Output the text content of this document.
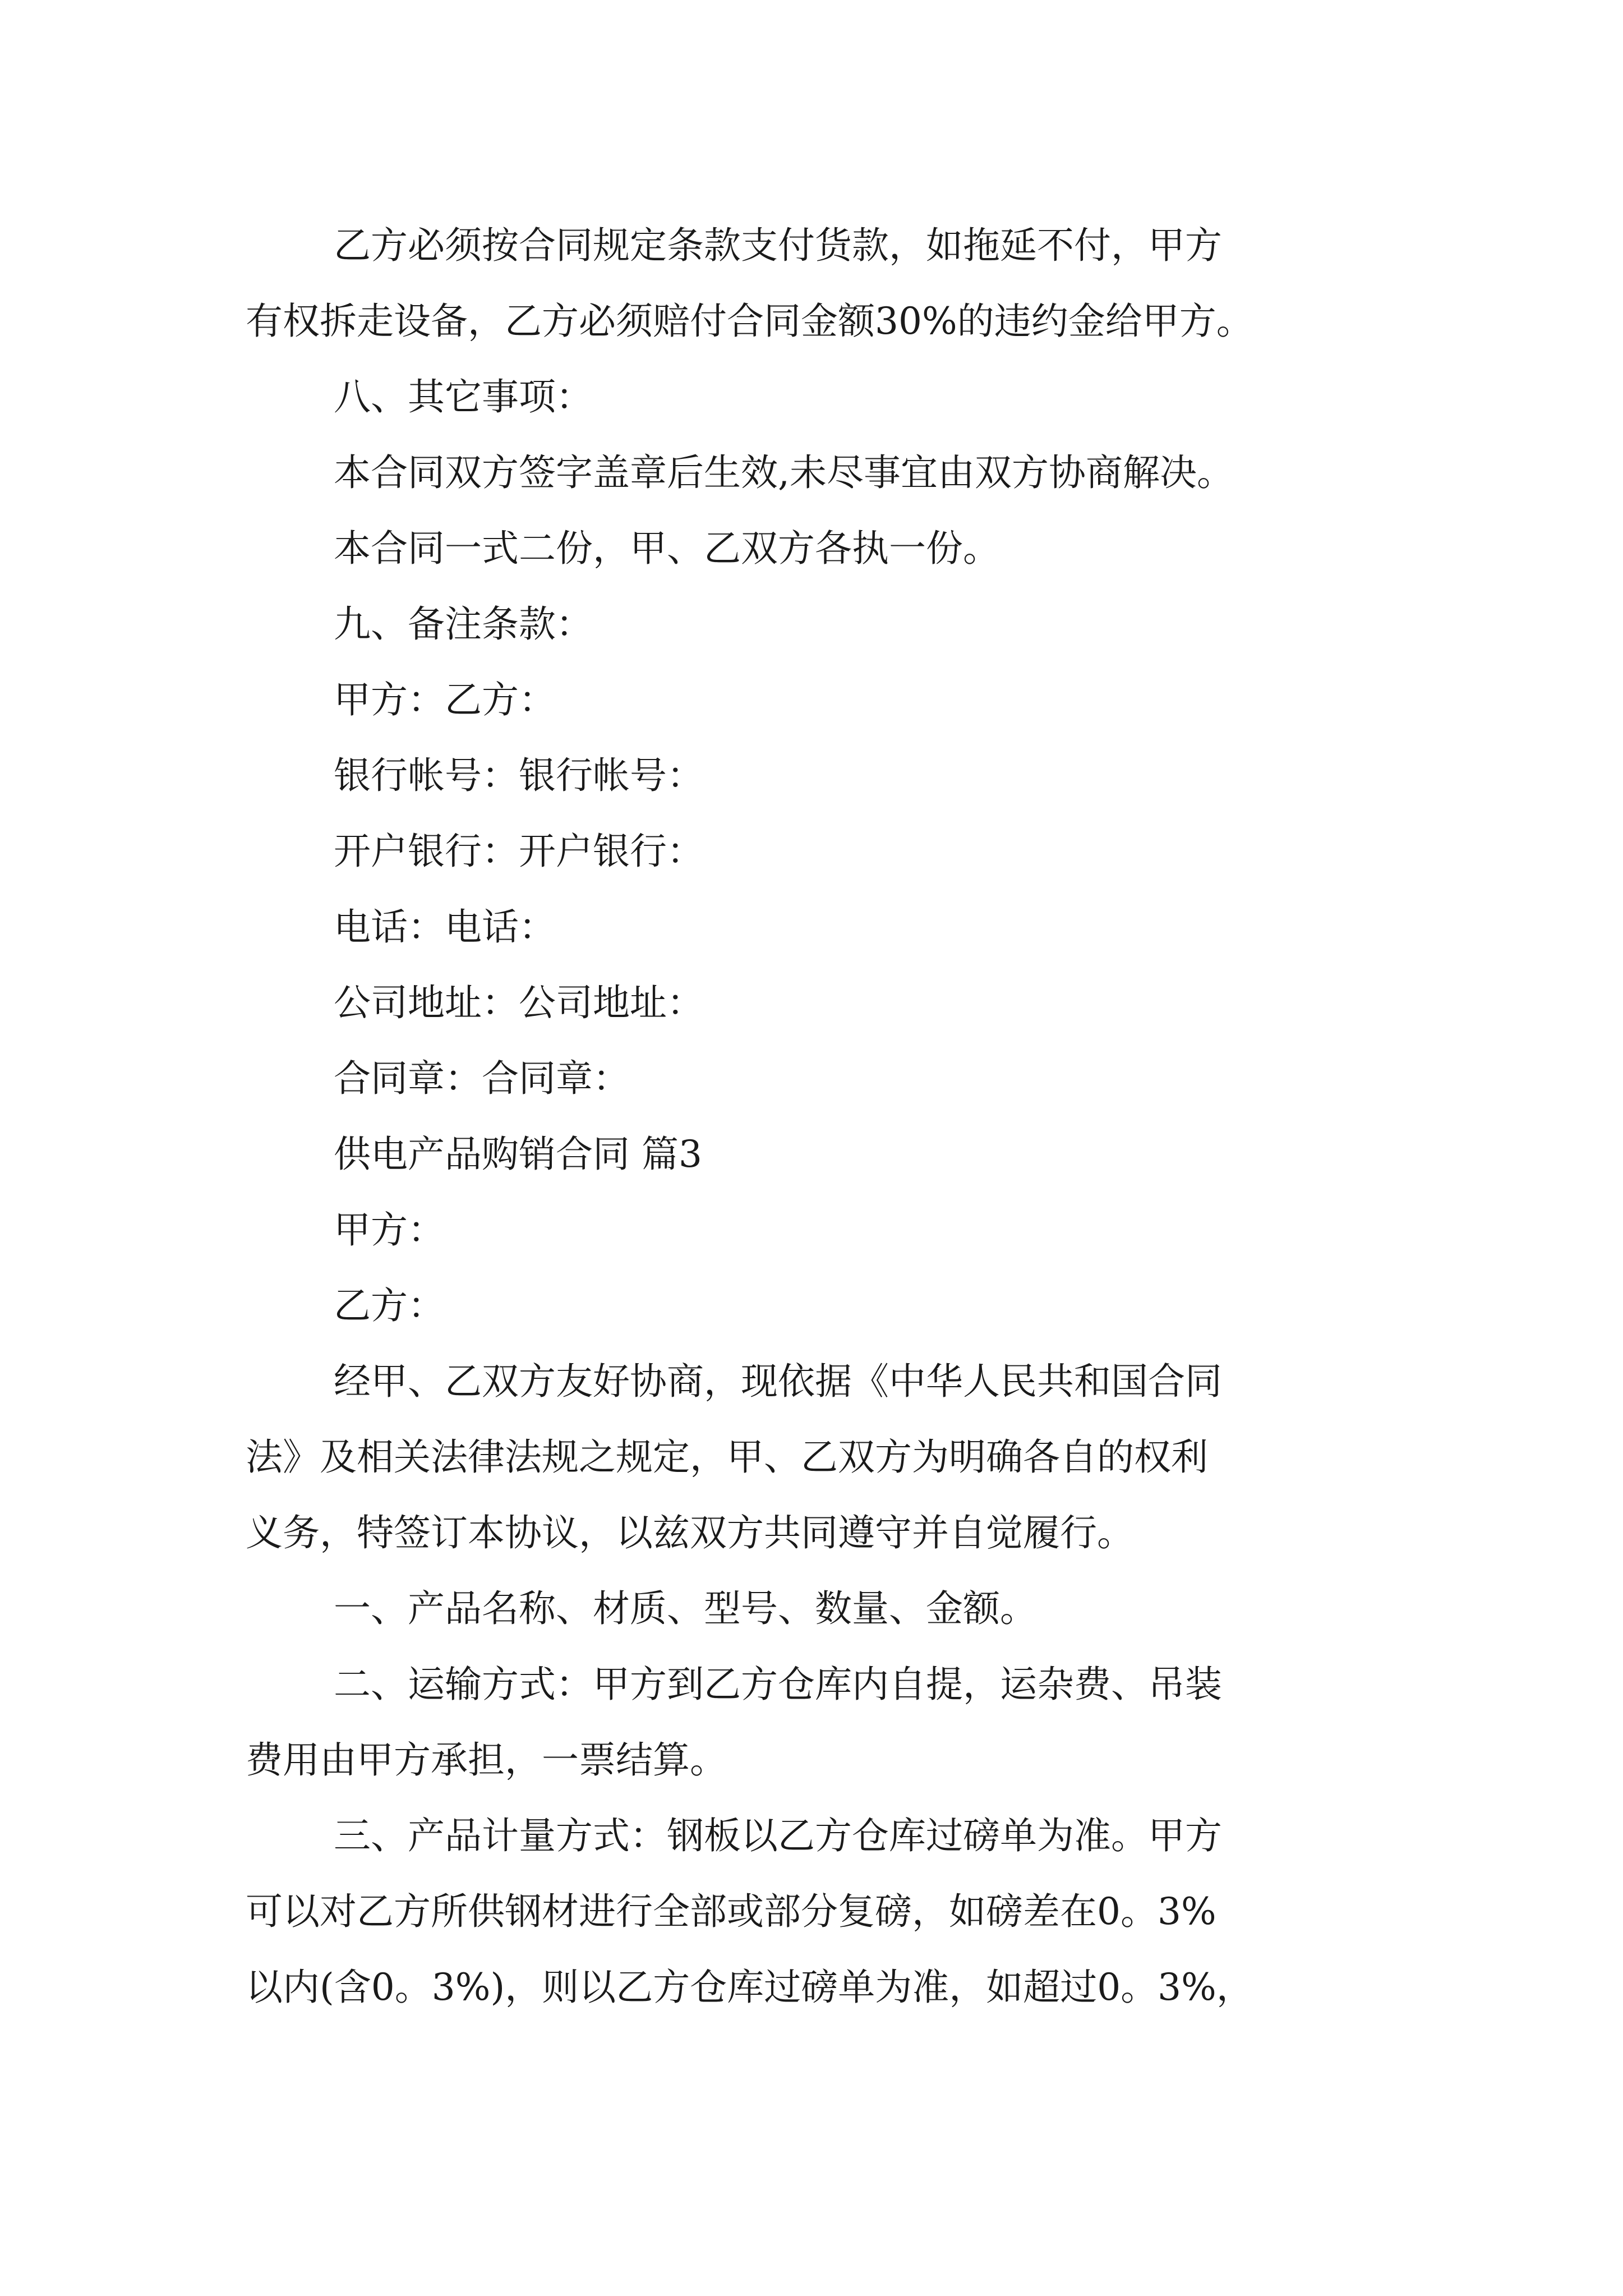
乙方必须按合同规定条款支付货款，如拖延不付，甲方
有权拆走设备，乙方必须赔付合同金额30%的违约金给甲方。
八、其它事项：
本合同双方签字盖章后生效,未尽事宜由双方协商解决。
本合同一式二份，甲、乙双方各执一份。
九、备注条款：
甲方：乙方：
银行帐号：银行帐号：
开户银行：开户银行：
电话：电话：
公司地址：公司地址：
合同章：合同章：
供电产品购销合同 篇3
甲方：
乙方：
经甲、乙双方友好协商，现依据《中华人民共和国合同
法》及相关法律法规之规定，甲、乙双方为明确各自的权利
义务，特签订本协议，以兹双方共同遵守并自觉履行。
一、产品名称、材质、型号、数量、金额。
二、运输方式：甲方到乙方仓库内自提，运杂费、吊装
费用由甲方承担，一票结算。
三、产品计量方式：钢板以乙方仓库过磅单为准。甲方
可以对乙方所供钢材进行全部或部分复磅，如磅差在0。3%
以内(含0。3%)，则以乙方仓库过磅单为准，如超过0。3%，
